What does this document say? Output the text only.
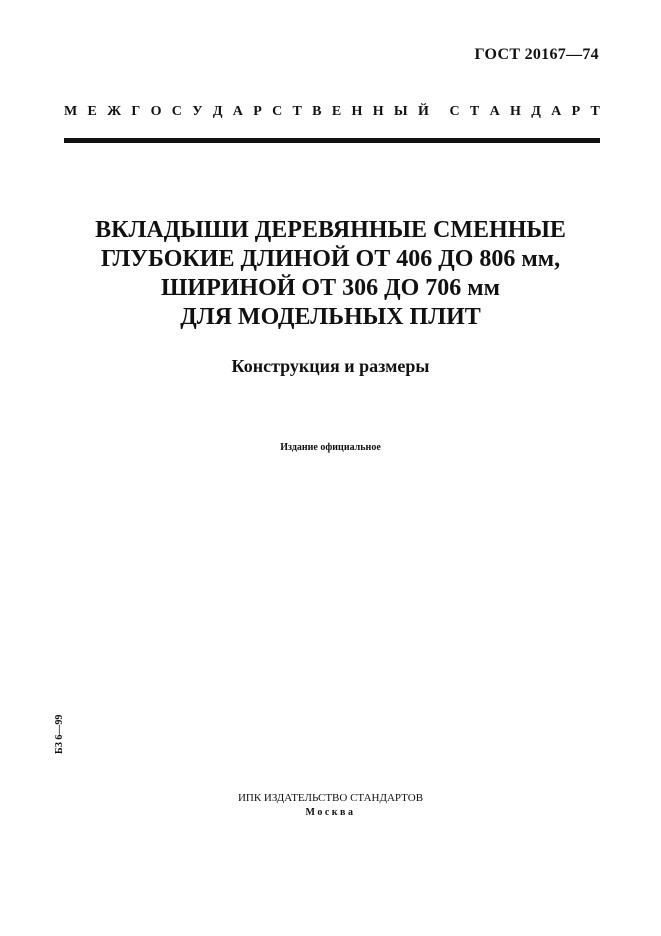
ГОСТ 20167—74
М Е Ж Г О С У Д А Р С Т В Е Н Н Ы Й С Т А Н Д А Р Т
ВКЛАДЫШИ ДЕРЕВЯННЫЕ СМЕННЫЕ
ГЛУБОКИЕ ДЛИНОЙ ОТ 406 ДО 806 мм,
ШИРИНОЙ ОТ 306 ДО 706 мм
ДЛЯ МОДЕЛЬНЫХ ПЛИТ
Конструкция и размеры
Издание официальное
БЗ 6—99
ИПК ИЗДАТЕЛЬСТВО СТАНДАРТОВ
Москва
